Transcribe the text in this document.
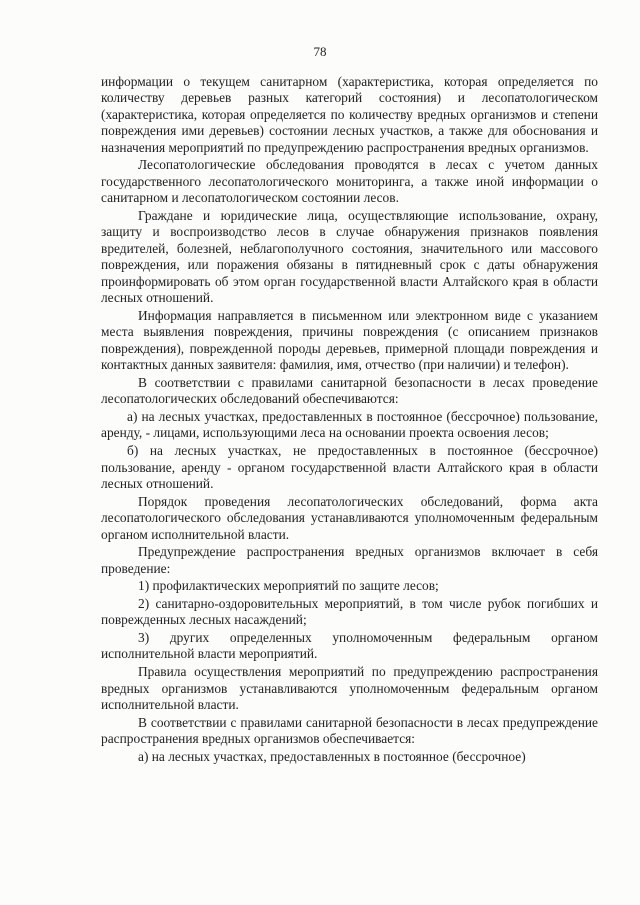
78

информации о текущем санитарном (характеристика, которая определяется по количеству деревьев разных категорий состояния) и лесопатологическом (характеристика, которая определяется по количеству вредных организмов и степени повреждения ими деревьев) состоянии лесных участков, а также для обоснования и назначения мероприятий по предупреждению распространения вредных организмов.

Лесопатологические обследования проводятся в лесах с учетом данных государственного лесопатологического мониторинга, а также иной информации о санитарном и лесопатологическом состоянии лесов.

Граждане и юридические лица, осуществляющие использование, охрану, защиту и воспроизводство лесов в случае обнаружения признаков появления вредителей, болезней, неблагополучного состояния, значительного или массового повреждения, или поражения обязаны в пятидневный срок с даты обнаружения проинформировать об этом орган государственной власти Алтайского края в области лесных отношений.

Информация направляется в письменном или электронном виде с указанием места выявления повреждения, причины повреждения (с описанием признаков повреждения), поврежденной породы деревьев, примерной площади повреждения и контактных данных заявителя: фамилия, имя, отчество (при наличии) и телефон).

В соответствии с правилами санитарной безопасности в лесах проведение лесопатологических обследований обеспечиваются:

а) на лесных участках, предоставленных в постоянное (бессрочное) пользование, аренду, - лицами, использующими леса на основании проекта освоения лесов;

б) на лесных участках, не предоставленных в постоянное (бессрочное) пользование, аренду - органом государственной власти Алтайского края в области лесных отношений.

Порядок проведения лесопатологических обследований, форма акта лесопатологического обследования устанавливаются уполномоченным федеральным органом исполнительной власти.

Предупреждение распространения вредных организмов включает в себя проведение:

1) профилактических мероприятий по защите лесов;

2) санитарно-оздоровительных мероприятий, в том числе рубок погибших и поврежденных лесных насаждений;

3) других определенных уполномоченным федеральным органом исполнительной власти мероприятий.

Правила осуществления мероприятий по предупреждению распространения вредных организмов устанавливаются уполномоченным федеральным органом исполнительной власти.

В соответствии с правилами санитарной безопасности в лесах предупреждение распространения вредных организмов обеспечивается:

а) на лесных участках, предоставленных в постоянное (бессрочное)
